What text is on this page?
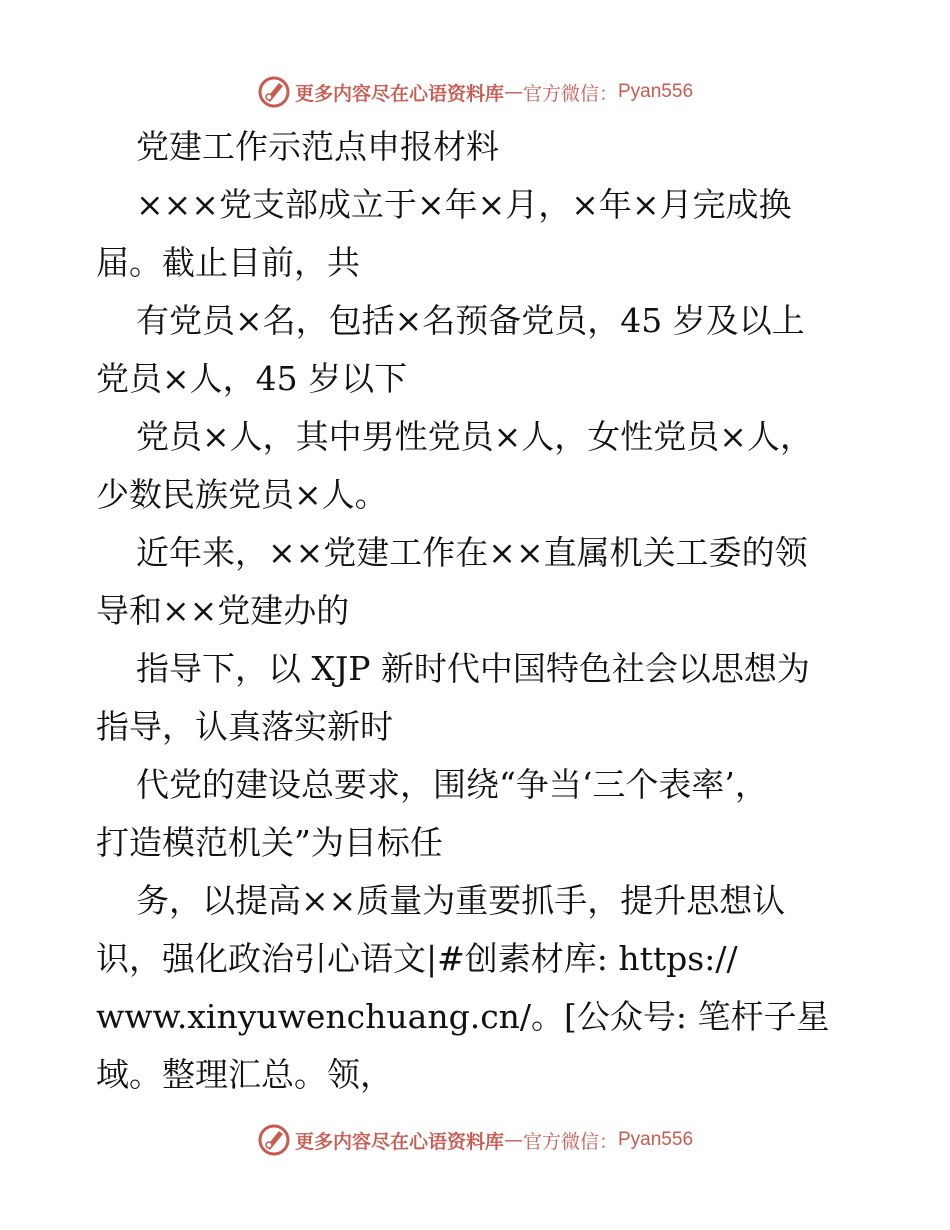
更多内容尽在心语资料库 — 官方微信： Pyan556
党建工作示范点申报材料
×××党支部成立于×年×月，×年×月完成换
届。截止目前，共
有党员×名，包括×名预备党员，45 岁及以上
党员×人，45 岁以下
党员×人，其中男性党员×人，女性党员×人，
少数民族党员×人。
近年来，××党建工作在××直属机关工委的领
导和××党建办的
指导下，以 XJP 新时代中国特色社会以思想为
指导，认真落实新时
代党的建设总要求，围绕“争当‘三个表率’，
打造模范机关”为目标任
务，以提高××质量为重要抓手，提升思想认
识，强化政治引心语文|#创素材库: https://
www.xinyuwenchuang.cn/。[公众号: 笔杆子星
域。整理汇总。领，
更多内容尽在心语资料库 — 官方微信： Pyan556
